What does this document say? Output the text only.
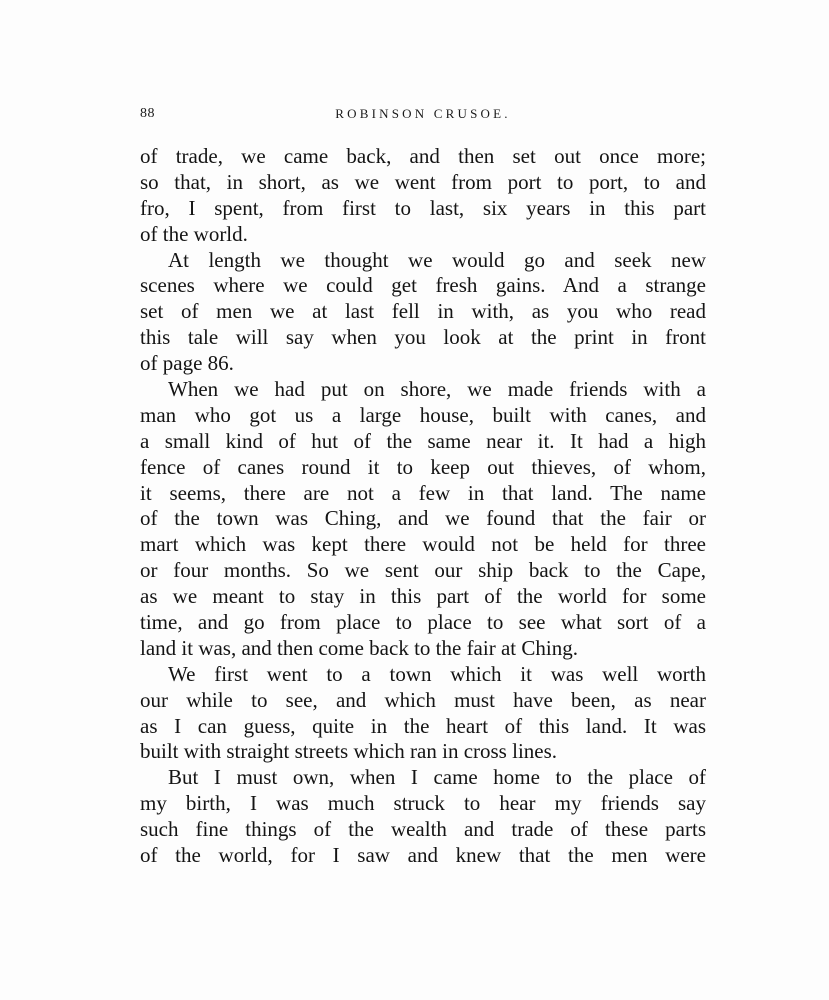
88	ROBINSON CRUSOE.
of trade, we came back, and then set out once more;
so that, in short, as we went from port to port, to and
fro, I spent, from first to last, six years in this part
of the world.
At length we thought we would go and seek new
scenes where we could get fresh gains. And a strange
set of men we at last fell in with, as you who read
this tale will say when you look at the print in front
of page 86.
When we had put on shore, we made friends with a
man who got us a large house, built with canes, and
a small kind of hut of the same near it. It had a high
fence of canes round it to keep out thieves, of whom,
it seems, there are not a few in that land. The name
of the town was Ching, and we found that the fair or
mart which was kept there would not be held for three
or four months. So we sent our ship back to the Cape,
as we meant to stay in this part of the world for some
time, and go from place to place to see what sort of a
land it was, and then come back to the fair at Ching.
We first went to a town which it was well worth
our while to see, and which must have been, as near
as I can guess, quite in the heart of this land. It was
built with straight streets which ran in cross lines.
But I must own, when I came home to the place of
my birth, I was much struck to hear my friends say
such fine things of the wealth and trade of these parts
of the world, for I saw and knew that the men were
